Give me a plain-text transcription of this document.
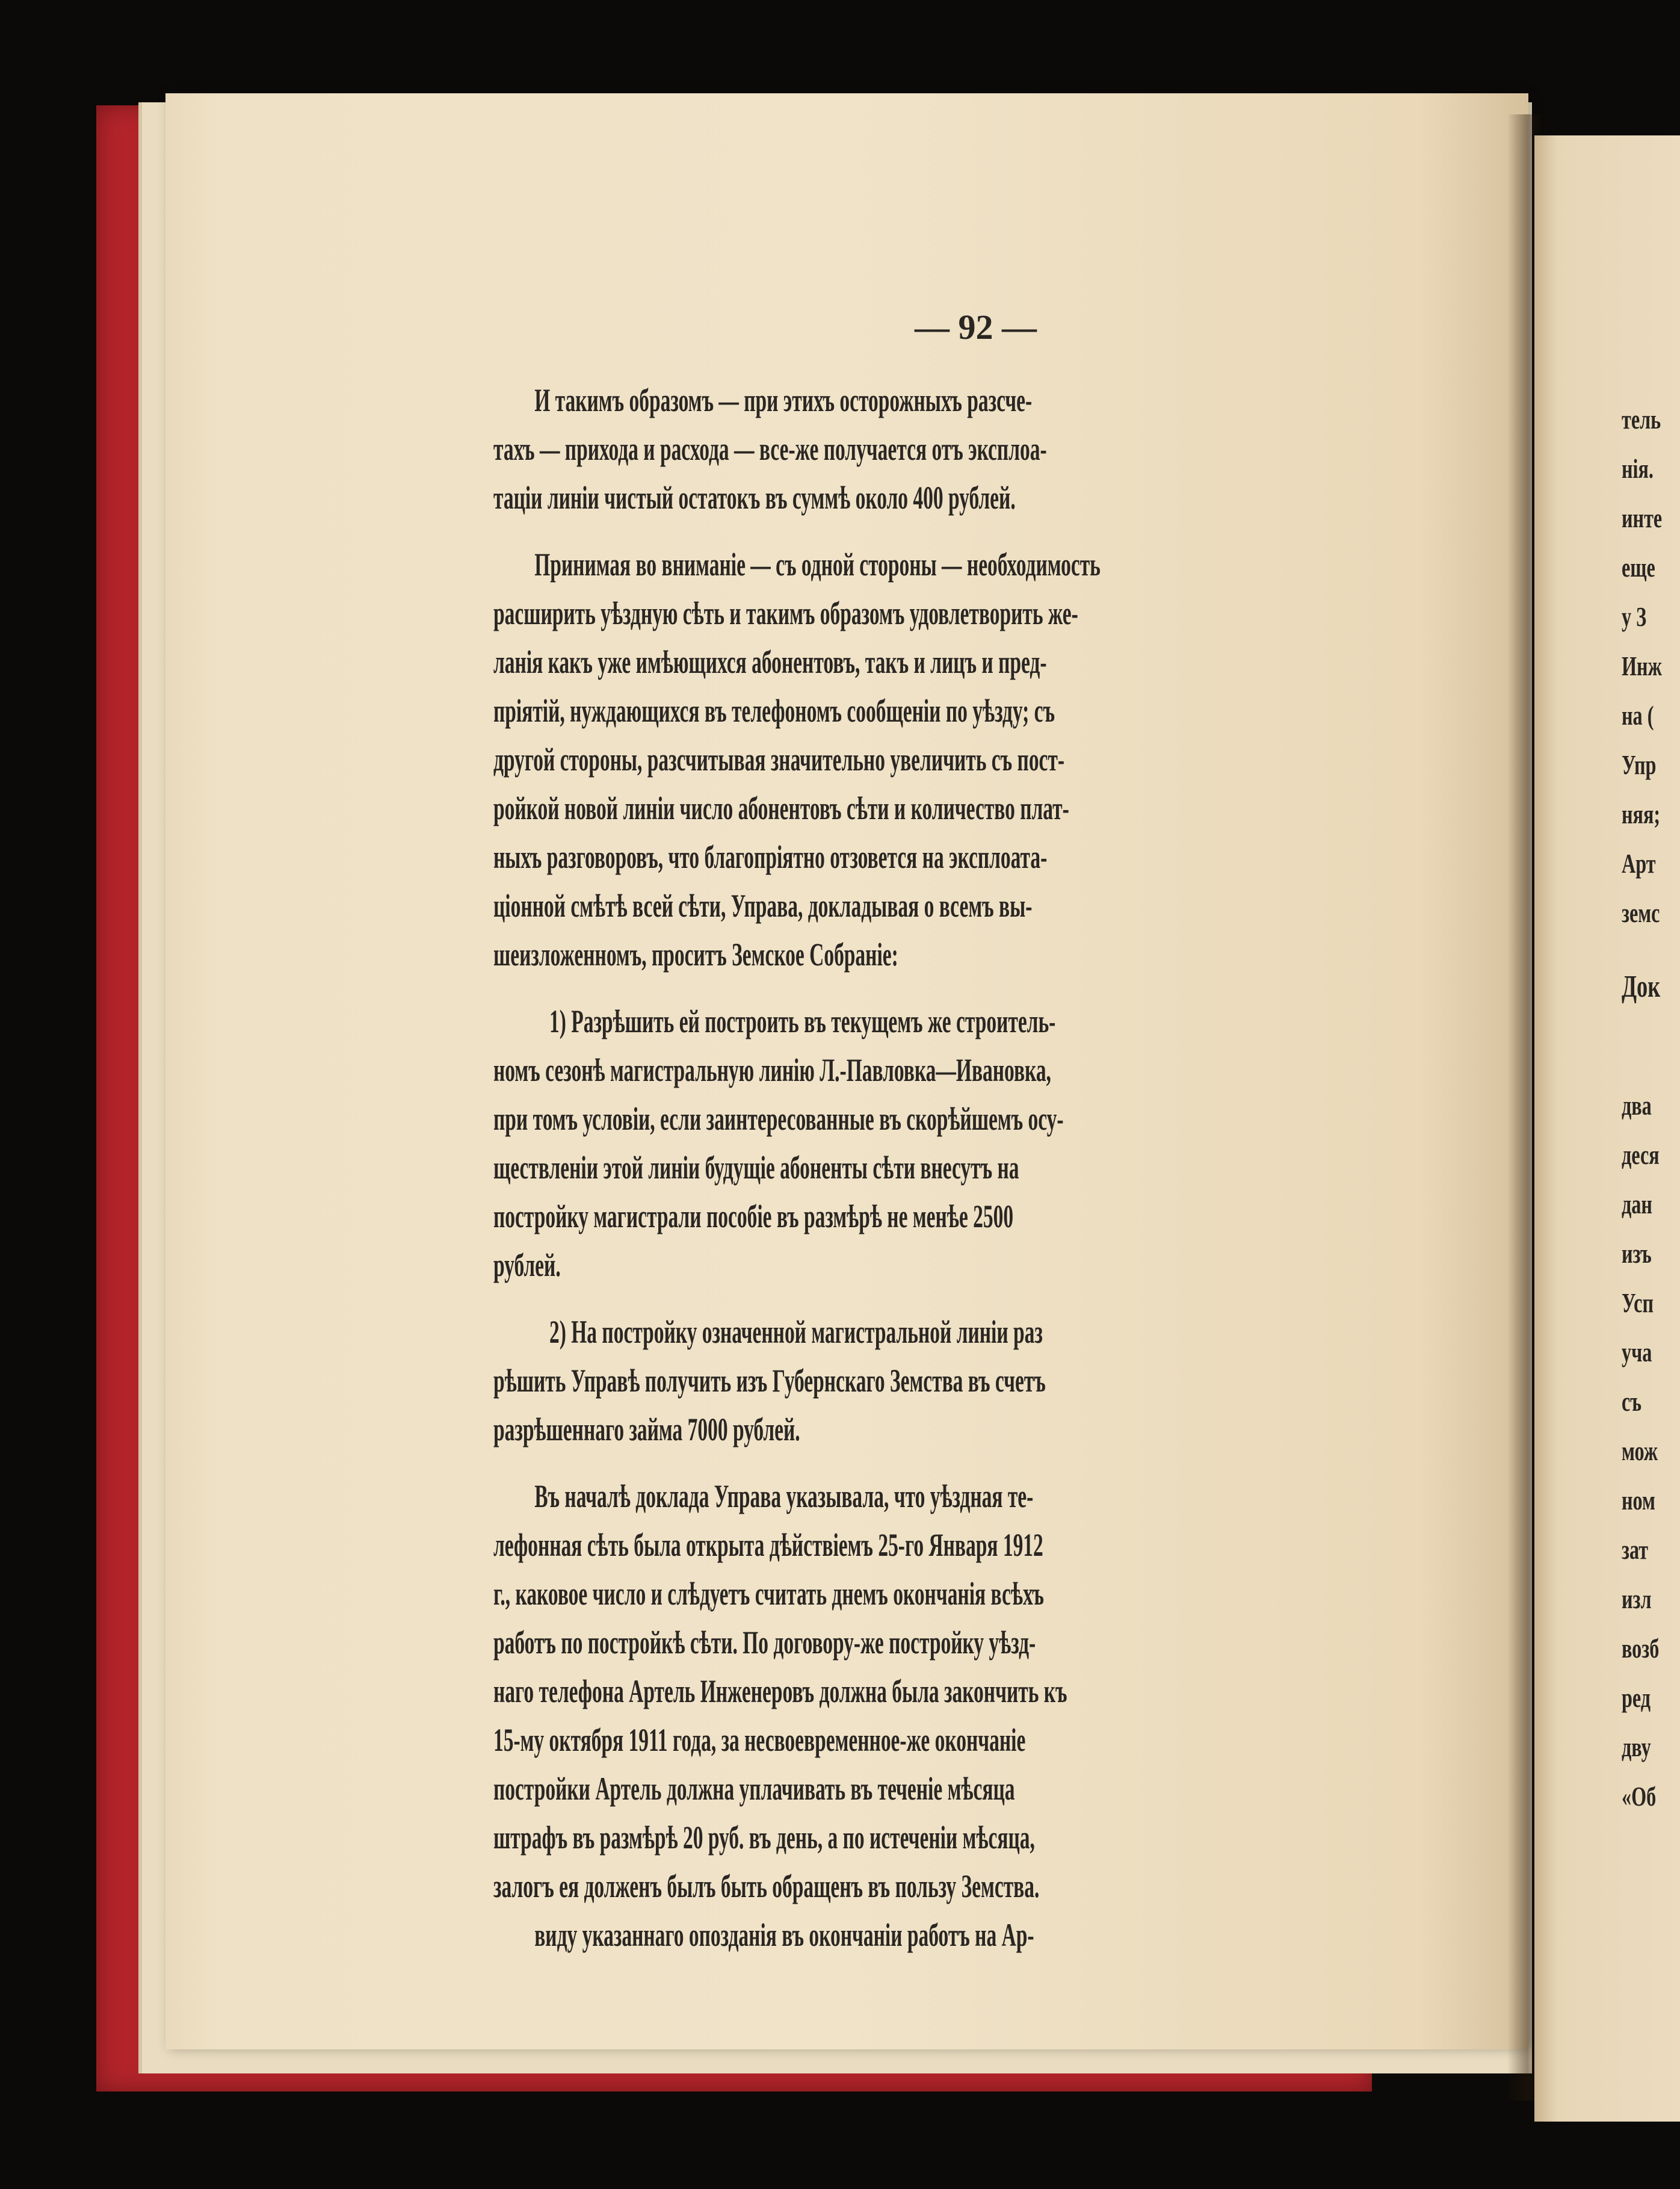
— 92 —
И такимъ образомъ — при этихъ осторожныхъ разсче-
тахъ — прихода и расхода — все-же получается отъ эксплоа-
таціи линіи чистый остатокъ въ суммѣ около 400 рублей.
Принимая во вниманіе — съ одной стороны — необходимость
расширить уѣздную сѣть и такимъ образомъ удовлетворить же-
ланія какъ уже имѣющихся абонентовъ, такъ и лицъ и пред-
пріятій, нуждающихся въ телефономъ сообщеніи по уѣзду; съ
другой стороны, разсчитывая значительно увеличить съ пост-
ройкой новой линіи число абонентовъ сѣти и количество плат-
ныхъ разговоровъ, что благопріятно отзовется на эксплоата-
ціонной смѣтѣ всей сѣти, Управа, докладывая о всемъ вы-
шеизложенномъ, проситъ Земское Собраніе:
1) Разрѣшить ей построить въ текущемъ же строитель-
номъ сезонѣ магистральную линію Л.-Павловка—Ивановка,
при томъ условіи, если заинтересованные въ скорѣйшемъ осу-
ществленіи этой линіи будущіе абоненты сѣти внесутъ на
постройку магистрали пособіе въ размѣрѣ не менѣе 2500
рублей.
2) На постройку означенной магистральной линіи раз
рѣшить Управѣ получить изъ Губернскаго Земства въ счетъ
разрѣшеннаго займа 7000 рублей.
Въ началѣ доклада Управа указывала, что уѣздная те-
лефонная сѣть была открыта дѣйствіемъ 25-го Января 1912
г., каковое число и слѣдуетъ считать днемъ окончанія всѣхъ
работъ по постройкѣ сѣти. По договору-же постройку уѣзд-
наго телефона Артель Инженеровъ должна была закончить къ
15-му октября 1911 года, за несвоевременное-же окончаніе
постройки Артель должна уплачивать въ теченіе мѣсяца
штрафъ въ размѣрѣ 20 руб. въ день, а по истеченіи мѣсяца,
залогъ ея долженъ былъ быть обращенъ въ пользу Земства.
виду указаннаго опозданія въ окончаніи работъ на Ар-
тель
нія.
инте
еще
у З
Инж
на (
Упр
няя;
Арт
земс
Док
два
деся
дан
изъ
Усп
уча
съ
мож
ном
зат
изл
возб
ред
дву
«Об
